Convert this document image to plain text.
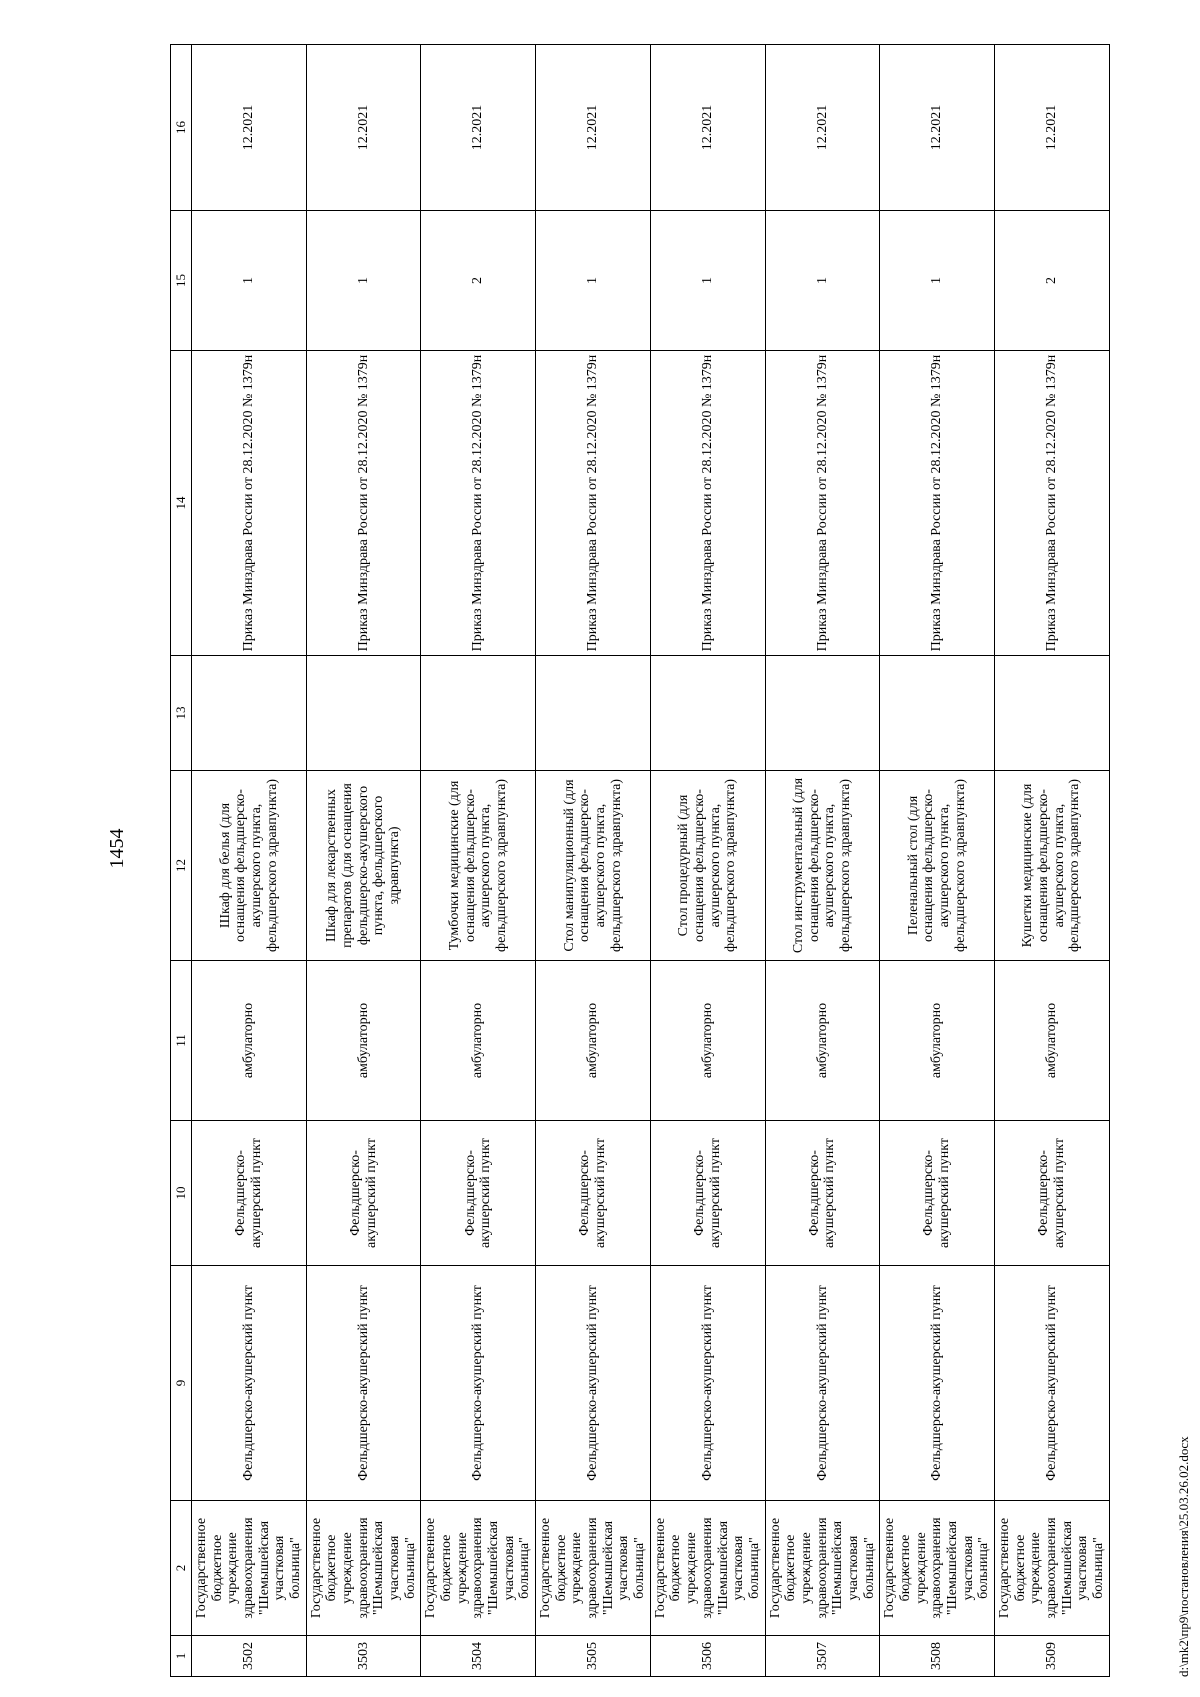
1454
1	2	9	10	11	12	13	14	15	16
3502	Государственное бюджетное учреждение здравоохранения "Шемышейская участковая больница"	Фельдшерско-акушерский пункт	Фельдшерско-акушерский пункт	амбулаторно	Шкаф для белья (для оснащения фельдшерско-акушерского пункта, фельдшерского здравпункта)		Приказ Минздрава России от 28.12.2020 № 1379н	1	12.2021
3503	Государственное бюджетное учреждение здравоохранения "Шемышейская участковая больница"	Фельдшерско-акушерский пункт	Фельдшерско-акушерский пункт	амбулаторно	Шкаф для лекарственных препаратов (для оснащения фельдшерско-акушерского пункта, фельдшерского здравпункта)		Приказ Минздрава России от 28.12.2020 № 1379н	1	12.2021
3504	Государственное бюджетное учреждение здравоохранения "Шемышейская участковая больница"	Фельдшерско-акушерский пункт	Фельдшерско-акушерский пункт	амбулаторно	Тумбочки медицинские (для оснащения фельдшерско-акушерского пункта, фельдшерского здравпункта)		Приказ Минздрава России от 28.12.2020 № 1379н	2	12.2021
3505	Государственное бюджетное учреждение здравоохранения "Шемышейская участковая больница"	Фельдшерско-акушерский пункт	Фельдшерско-акушерский пункт	амбулаторно	Стол манипуляционный (для оснащения фельдшерско-акушерского пункта, фельдшерского здравпункта)		Приказ Минздрава России от 28.12.2020 № 1379н	1	12.2021
3506	Государственное бюджетное учреждение здравоохранения "Шемышейская участковая больница"	Фельдшерско-акушерский пункт	Фельдшерско-акушерский пункт	амбулаторно	Стол процедурный (для оснащения фельдшерско-акушерского пункта, фельдшерского здравпункта)		Приказ Минздрава России от 28.12.2020 № 1379н	1	12.2021
3507	Государственное бюджетное учреждение здравоохранения "Шемышейская участковая больница"	Фельдшерско-акушерский пункт	Фельдшерско-акушерский пункт	амбулаторно	Стол инструментальный (для оснащения фельдшерско-акушерского пункта, фельдшерского здравпункта)		Приказ Минздрава России от 28.12.2020 № 1379н	1	12.2021
3508	Государственное бюджетное учреждение здравоохранения "Шемышейская участковая больница"	Фельдшерско-акушерский пункт	Фельдшерско-акушерский пункт	амбулаторно	Пеленальный стол (для оснащения фельдшерско-акушерского пункта, фельдшерского здравпункта)		Приказ Минздрава России от 28.12.2020 № 1379н	1	12.2021
3509	Государственное бюджетное учреждение здравоохранения "Шемышейская участковая больница"	Фельдшерско-акушерский пункт	Фельдшерско-акушерский пункт	амбулаторно	Кушетки медицинские (для оснащения фельдшерско-акушерского пункта, фельдшерского здравпункта)		Приказ Минздрава России от 28.12.2020 № 1379н	2	12.2021
d:\mk2\пр9\постановления\25.03.26.02.docx
